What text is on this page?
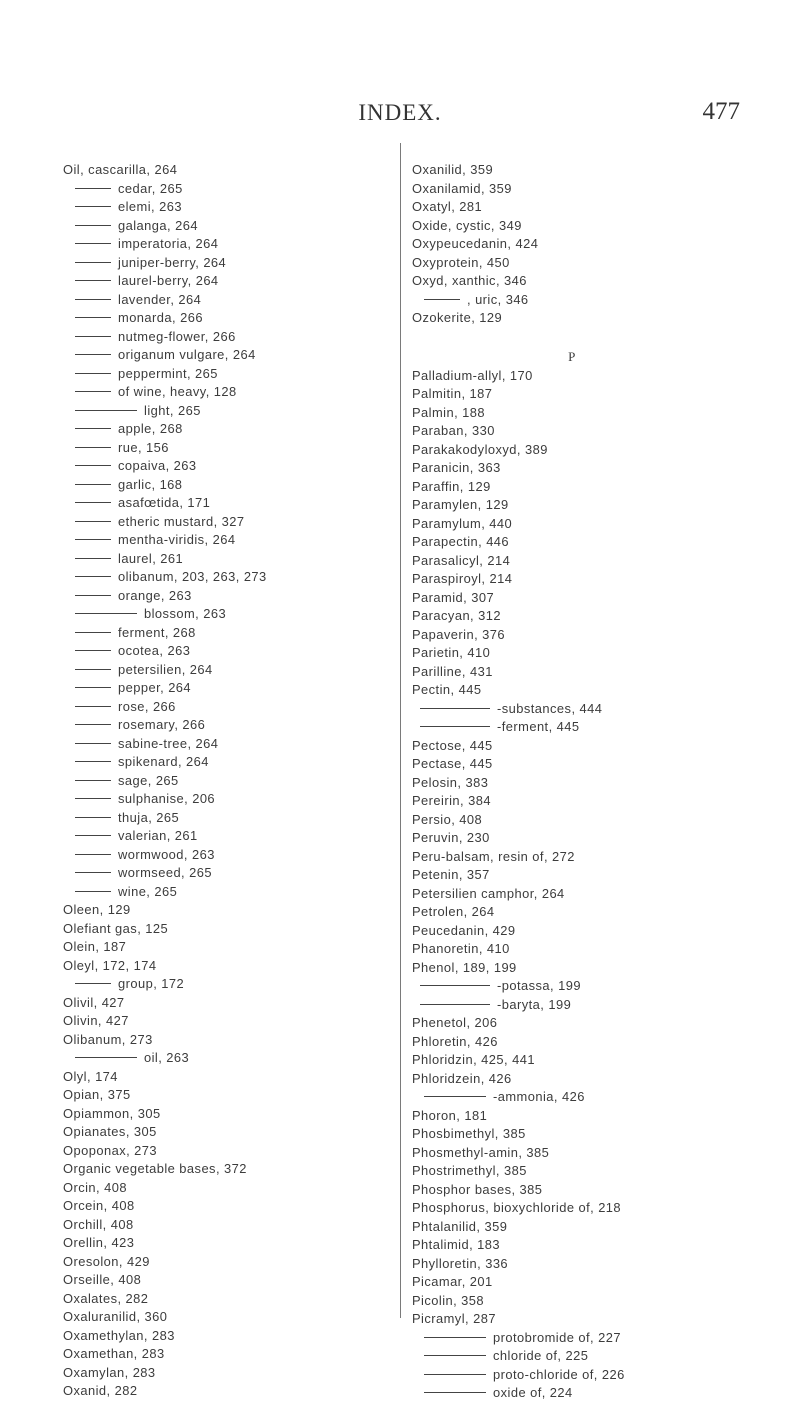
INDEX.	477
Oil, cascarilla, 264
cedar, 265
elemi, 263
galanga, 264
imperatoria, 264
juniper-berry, 264
laurel-berry, 264
lavender, 264
monarda, 266
nutmeg-flower, 266
origanum vulgare, 264
peppermint, 265
of wine, heavy, 128
light, 265
apple, 268
rue, 156
copaiva, 263
garlic, 168
asafœtida, 171
etheric mustard, 327
mentha-viridis, 264
laurel, 261
olibanum, 203, 263, 273
orange, 263
blossom, 263
ferment, 268
ocotea, 263
petersilien, 264
pepper, 264
rose, 266
rosemary, 266
sabine-tree, 264
spikenard, 264
sage, 265
sulphanise, 206
thuja, 265
valerian, 261
wormwood, 263
wormseed, 265
wine, 265
Oleen, 129
Olefiant gas, 125
Olein, 187
Oleyl, 172, 174
group, 172
Olivil, 427
Olivin, 427
Olibanum, 273
oil, 263
Olyl, 174
Opian, 375
Opiammon, 305
Opianates, 305
Opoponax, 273
Organic vegetable bases, 372
Orcin, 408
Orcein, 408
Orchill, 408
Orellin, 423
Oresolon, 429
Orseille, 408
Oxalates, 282
Oxaluranilid, 360
Oxamethylan, 283
Oxamethan, 283
Oxamylan, 283
Oxanid, 282
Oxanilid, 359
Oxanilamid, 359
Oxatyl, 281
Oxide, cystic, 349
Oxypeucedanin, 424
Oxyprotein, 450
Oxyd, xanthic, 346
, uric, 346
Ozokerite, 129
P
Palladium-allyl, 170
Palmitin, 187
Palmin, 188
Paraban, 330
Parakakodyloxyd, 389
Paranicin, 363
Paraffin, 129
Paramylen, 129
Paramylum, 440
Parapectin, 446
Parasalicyl, 214
Paraspiroyl, 214
Paramid, 307
Paracyan, 312
Papaverin, 376
Parietin, 410
Parilline, 431
Pectin, 445
-substances, 444
-ferment, 445
Pectose, 445
Pectase, 445
Pelosin, 383
Pereirin, 384
Persio, 408
Peruvin, 230
Peru-balsam, resin of, 272
Petenin, 357
Petersilien camphor, 264
Petrolen, 264
Peucedanin, 429
Phanoretin, 410
Phenol, 189, 199
-potassa, 199
-baryta, 199
Phenetol, 206
Phloretin, 426
Phloridzin, 425, 441
Phloridzein, 426
-ammonia, 426
Phoron, 181
Phosbimethyl, 385
Phosmethyl-amin, 385
Phostrimethyl, 385
Phosphor bases, 385
Phosphorus, bioxychloride of, 218
Phtalanilid, 359
Phtalimid, 183
Phylloretin, 336
Picamar, 201
Picolin, 358
Picramyl, 287
protobromide of, 227
chloride of, 225
proto-chloride of, 226
oxide of, 224
